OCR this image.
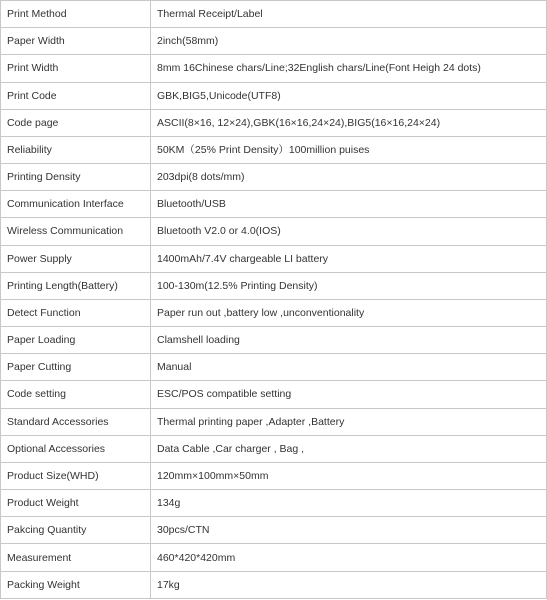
Print Method	Thermal Receipt/Label
Paper Width	2inch(58mm)
Print Width	8mm 16Chinese chars/Line;32English chars/Line(Font Heigh 24 dots)
Print Code	GBK,BIG5,Unicode(UTF8)
Code page	ASCII(8×16, 12×24),GBK(16×16,24×24),BIG5(16×16,24×24)
Reliability	50KM（25% Print Density）100million puises
Printing Density	203dpi(8 dots/mm)
Communication Interface	Bluetooth/USB
Wireless Communication	Bluetooth V2.0 or 4.0(IOS)
Power Supply	1400mAh/7.4V chargeable LI battery
Printing Length(Battery)	100-130m(12.5% Printing Density)
Detect Function	Paper run out ,battery low ,unconventionality
Paper Loading	Clamshell loading
Paper Cutting	Manual
Code setting	ESC/POS compatible setting
Standard Accessories	Thermal printing paper ,Adapter ,Battery
Optional Accessories	Data Cable ,Car charger , Bag ,
Product Size(WHD)	120mm×100mm×50mm
Product Weight	134g
Pakcing Quantity	30pcs/CTN
Measurement	460*420*420mm
Packing Weight	17kg
